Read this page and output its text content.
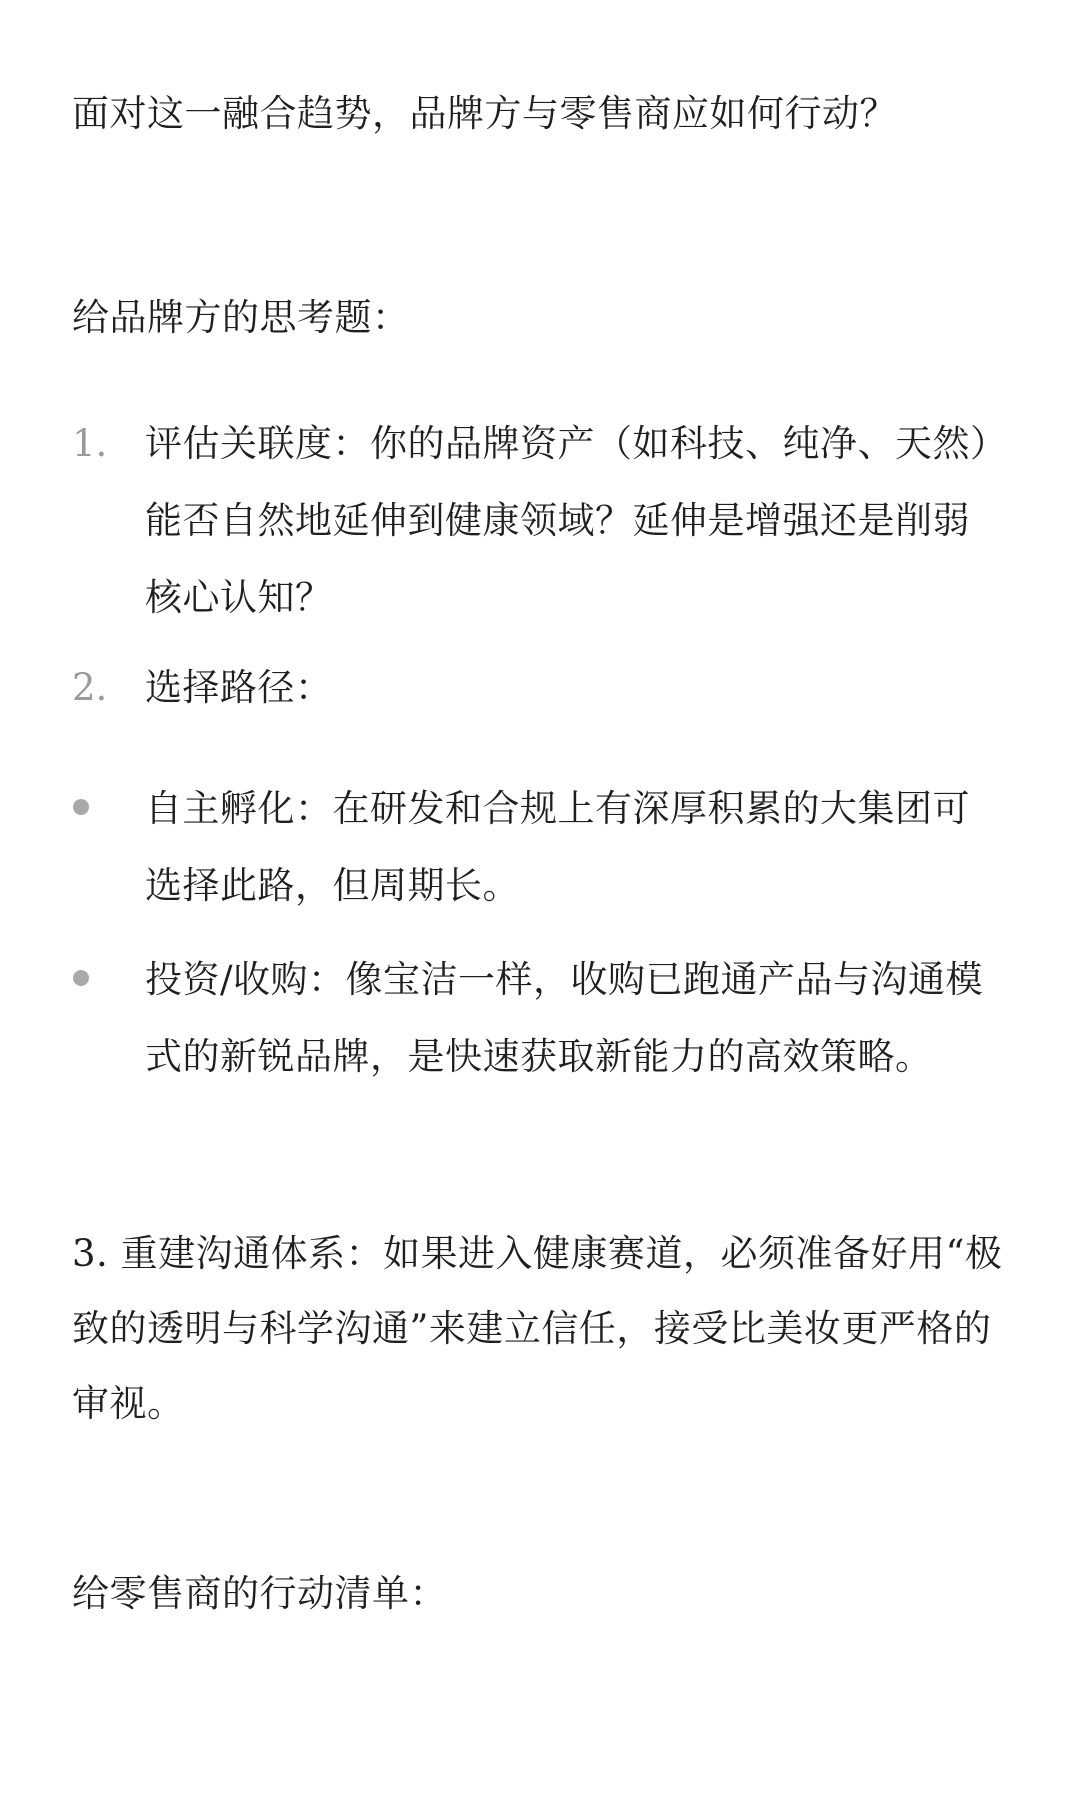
面对这一融合趋势，品牌方与零售商应如何行动？
给品牌方的思考题：
1. 评估关联度：你的品牌资产（如科技、纯净、天然）能否自然地延伸到健康领域？延伸是增强还是削弱核心认知？
2. 选择路径：
自主孵化：在研发和合规上有深厚积累的大集团可选择此路，但周期长。
投资/收购：像宝洁一样，收购已跑通产品与沟通模式的新锐品牌，是快速获取新能力的高效策略。
3. 重建沟通体系：如果进入健康赛道，必须准备好用“极致的透明与科学沟通”来建立信任，接受比美妆更严格的审视。
给零售商的行动清单：
